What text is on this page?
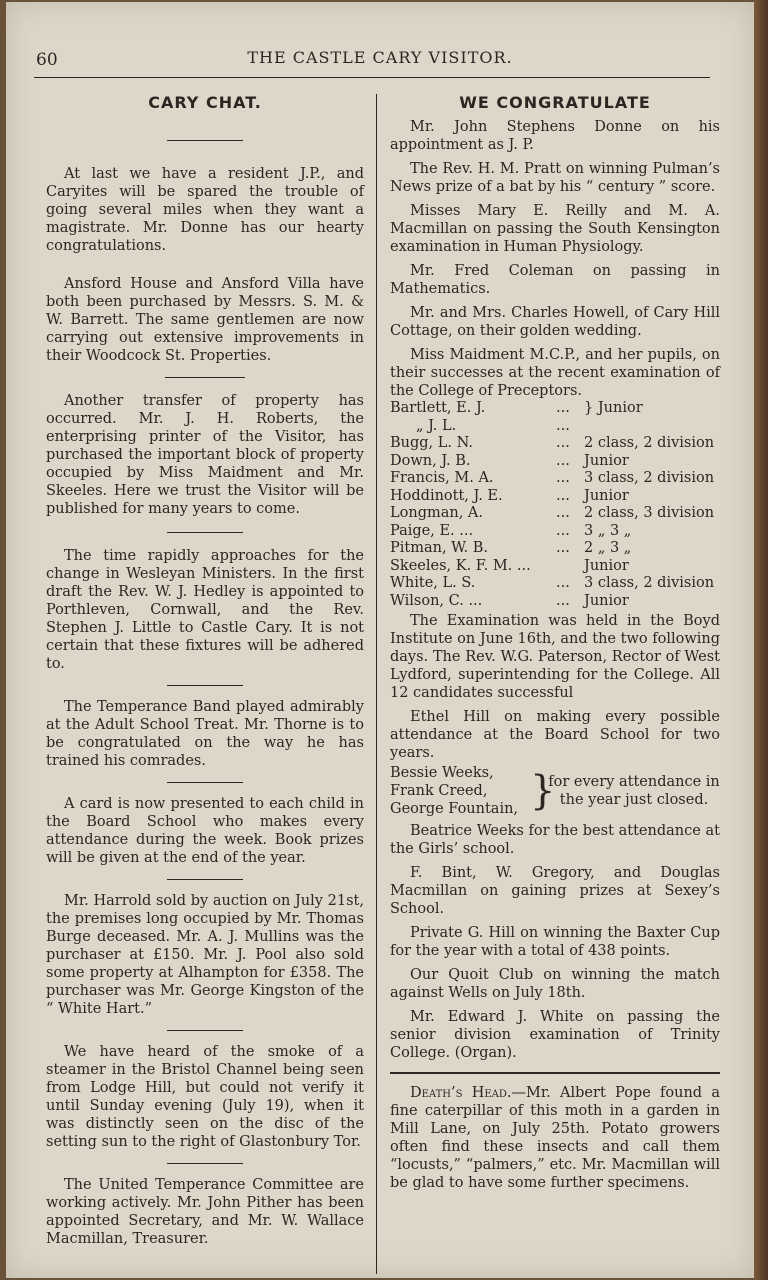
60	THE CASTLE CARY VISITOR.
CARY CHAT.

At last we have a resident J.P., and Caryites will be spared the trouble of going several miles when they want a magistrate. Mr. Donne has our hearty congratulations.

Ansford House and Ansford Villa have both been purchased by Messrs. S. M. & W. Barrett. The same gentlemen are now carrying out extensive improvements in their Woodcock St. Properties.

Another transfer of property has occurred. Mr. J. H. Roberts, the enterprising printer of the Visitor, has purchased the important block of property occupied by Miss Maidment and Mr. Skeeles. Here we trust the Visitor will be published for many years to come.

The time rapidly approaches for the change in Wesleyan Ministers. In the first draft the Rev. W. J. Hedley is appointed to Porthleven, Cornwall, and the Rev. Stephen J. Little to Castle Cary. It is not certain that these fixtures will be adhered to.

The Temperance Band played admirably at the Adult School Treat. Mr. Thorne is to be congratulated on the way he has trained his comrades.

A card is now presented to each child in the Board School who makes every attendance during the week. Book prizes will be given at the end of the year.

Mr. Harrold sold by auction on July 21st, the premises long occupied by Mr. Thomas Burge deceased. Mr. A. J. Mullins was the purchaser at £150. Mr. J. Pool also sold some property at Alhampton for £358. The purchaser was Mr. George Kingston of the “ White Hart.”

We have heard of the smoke of a steamer in the Bristol Channel being seen from Lodge Hill, but could not verify it until Sunday evening (July 19), when it was distinctly seen on the disc of the setting sun to the right of Glastonbury Tor.

The United Temperance Committee are working actively. Mr. John Pither has been appointed Secretary, and Mr. W. Wallace Macmillan, Treasurer.

WE CONGRATULATE

Mr. John Stephens Donne on his appointment as J. P.

The Rev. H. M. Pratt on winning Pulman’s News prize of a bat by his “ century ” score.

Misses Mary E. Reilly and M. A. Macmillan on passing the South Kensington examination in Human Physiology.

Mr. Fred Coleman on passing in Mathematics.

Mr. and Mrs. Charles Howell, of Cary Hill Cottage, on their golden wedding.

Miss Maidment M.C.P., and her pupils, on their successes at the recent examination of the College of Preceptors.

Bartlett, E. J.	...	} Junior
„ J. L.	...	
Bugg, L. N.	...	2 class, 2 division
Down, J. B.	...	Junior
Francis, M. A.	...	3 class, 2 division
Hoddinott, J. E.	...	Junior
Longman, A.	...	2 class, 3 division
Paige, E. ...	...	3 „ 3 „
Pitman, W. B.	...	2 „ 3 „
Skeeles, K. F. M. ...		Junior
White, L. S.	...	3 class, 2 division
Wilson, C. ...	...	Junior

The Examination was held in the Boyd Institute on June 16th, and the two following days. The Rev. W.G. Paterson, Rector of West Lydford, superintending for the College. All 12 candidates successful

Ethel Hill on making every possible attendance at the Board School for two years.

Bessie Weeks,
Frank Creed,
George Fountain, }
for every attendance in the year just closed.

Beatrice Weeks for the best attendance at the Girls’ school.

F. Bint, W. Gregory, and Douglas Macmillan on gaining prizes at Sexey’s School.

Private G. Hill on winning the Baxter Cup for the year with a total of 438 points.

Our Quoit Club on winning the match against Wells on July 18th.

Mr. Edward J. White on passing the senior division examination of Trinity College. (Organ).

Death’s Head.—Mr. Albert Pope found a fine caterpillar of this moth in a garden in Mill Lane, on July 25th. Potato growers often find these insects and call them “locusts,” “palmers,” etc. Mr. Macmillan will be glad to have some further specimens.
